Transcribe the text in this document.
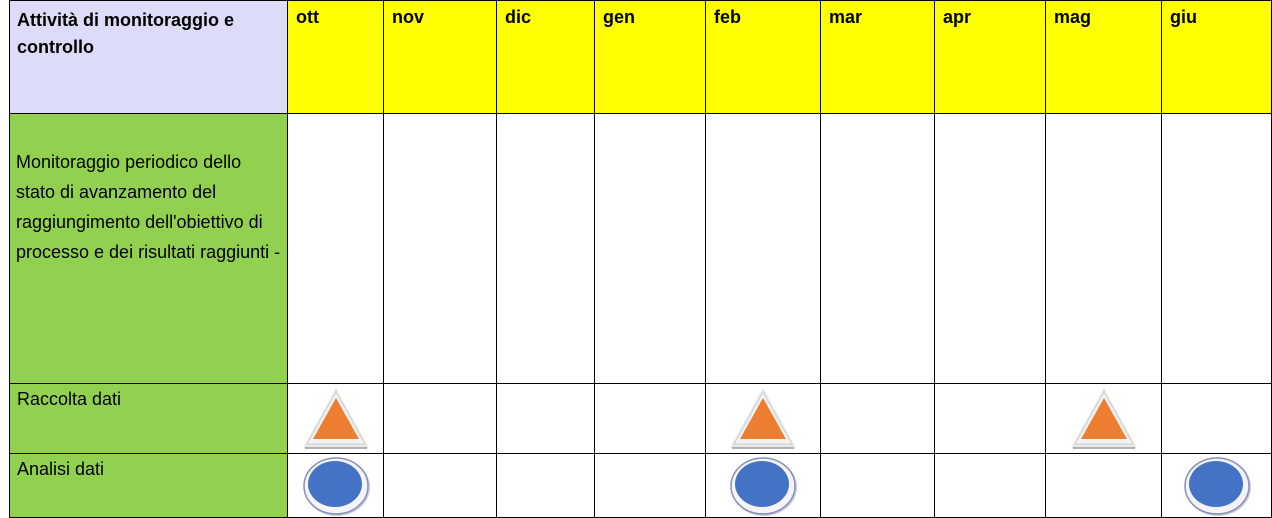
Attività di monitoraggio e controllo	ott	nov	dic	gen	feb	mar	apr	mag	giu
Monitoraggio periodico dello stato di avanzamento del raggiungimento dell'obiettivo di processo e dei risultati raggiunti -									
Raccolta dati	

Analisi dati	
